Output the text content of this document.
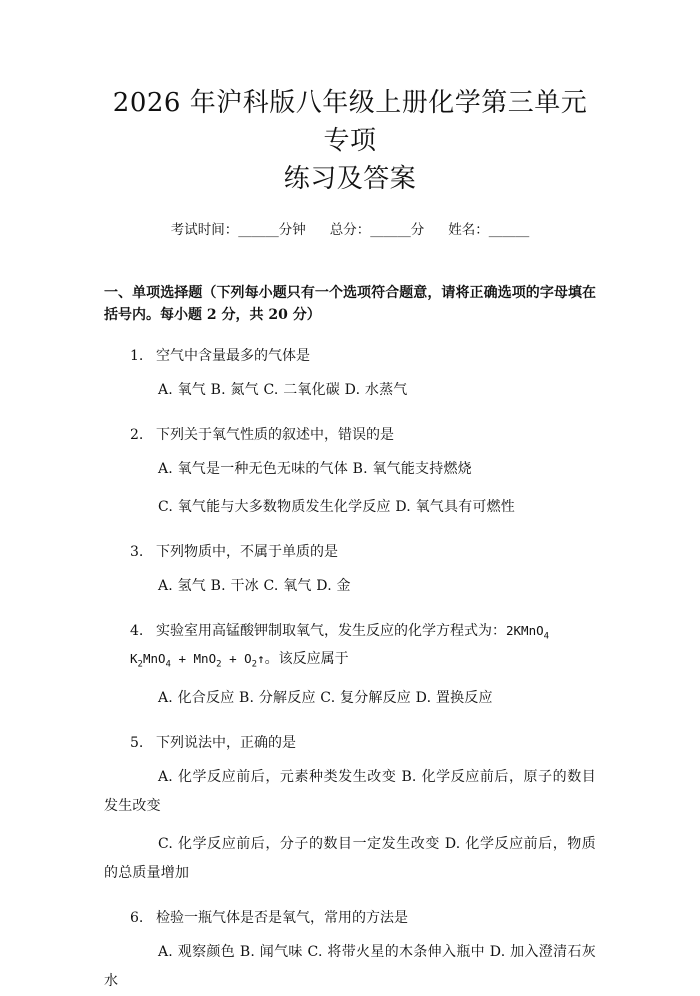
2026 年沪科版八年级上册化学第三单元专项
练习及答案
考试时间：______分钟 总分：______分 姓名：______
一、单项选择题（下列每小题只有一个选项符合题意，请将正确选项的字母填在括号内。每小题 2 分，共 20 分）
1. 空气中含量最多的气体是
A. 氧气 B. 氮气 C. 二氧化碳 D. 水蒸气
2. 下列关于氧气性质的叙述中，错误的是
A. 氧气是一种无色无味的气体 B. 氧气能支持燃烧
C. 氧气能与大多数物质发生化学反应 D. 氧气具有可燃性
3. 下列物质中，不属于单质的是
A. 氢气 B. 干冰 C. 氧气 D. 金
4. 实验室用高锰酸钾制取氧气，发生反应的化学方程式为：2KMnO$_4$ $K_2MnO_4 + MnO_2$ + $O_2↑$。该反应属于
A. 化合反应 B. 分解反应 C. 复分解反应 D. 置换反应
5. 下列说法中，正确的是
A. 化学反应前后，元素种类发生改变 B. 化学反应前后，原子的数目发生改变
C. 化学反应前后，分子的数目一定发生改变 D. 化学反应前后，物质的总质量增加
6. 检验一瓶气体是否是氧气，常用的方法是
A. 观察颜色 B. 闻气味 C. 将带火星的木条伸入瓶中 D. 加入澄清石灰水
